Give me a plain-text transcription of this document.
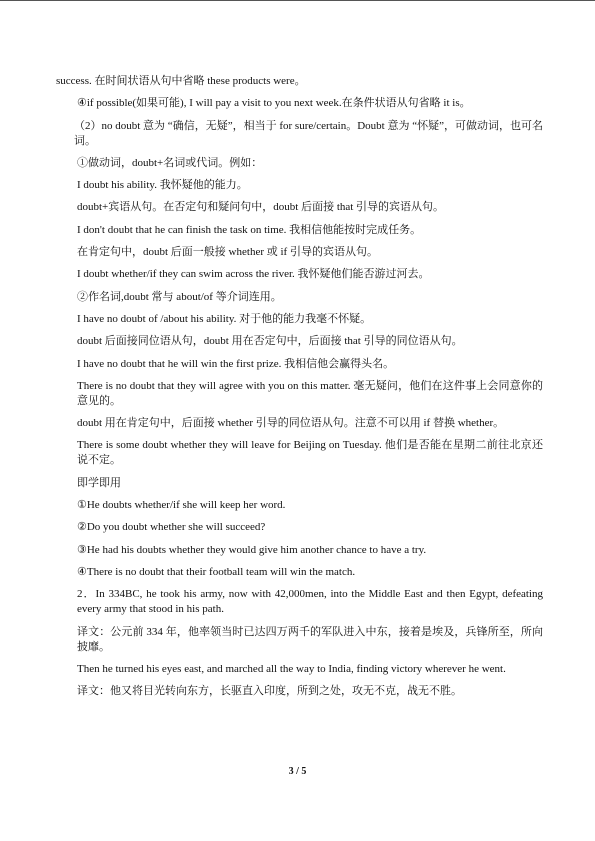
success. 在时间状语从句中省略 these products were。

④if possible(如果可能), I will pay a visit to you next week.在条件状语从句省略 it is。

（2）no doubt 意为 “确信，无疑”，相当于 for sure/certain。Doubt 意为 “怀疑”，可做动词，也可名词。

①做动词，doubt+名词或代词。例如：

I doubt his ability. 我怀疑他的能力。

doubt+宾语从句。在否定句和疑问句中，doubt 后面接 that 引导的宾语从句。

I don't doubt that he can finish the task on time. 我相信他能按时完成任务。

在肯定句中，doubt 后面一般接 whether 或 if 引导的宾语从句。

I doubt whether/if they can swim across the river. 我怀疑他们能否游过河去。

②作名词,doubt 常与 about/of 等介词连用。

I have no doubt of /about his ability. 对于他的能力我毫不怀疑。

doubt 后面接同位语从句，doubt 用在否定句中，后面接 that 引导的同位语从句。

I have no doubt that he will win the first prize. 我相信他会赢得头名。

There is no doubt that they will agree with you on this matter. 毫无疑问，他们在这件事上会同意你的意见的。

doubt 用在肯定句中，后面接 whether 引导的同位语从句。注意不可以用 if 替换 whether。

There is some doubt whether they will leave for Beijing on Tuesday. 他们是否能在星期二前往北京还说不定。

即学即用

①He doubts whether/if she will keep her word.

②Do you doubt whether she will succeed?

③He had his doubts whether they would give him another chance to have a try.

④There is no doubt that their football team will win the match.

2．In 334BC, he took his army, now with 42,000men, into the Middle East and then Egypt, defeating every army that stood in his path.

译文：公元前 334 年，他率领当时已达四万两千的军队进入中东，接着是埃及，兵锋所至，所向披靡。

Then he turned his eyes east, and marched all the way to India, finding victory wherever he went.

译文：他又将目光转向东方，长驱直入印度，所到之处，攻无不克，战无不胜。

3 / 5
